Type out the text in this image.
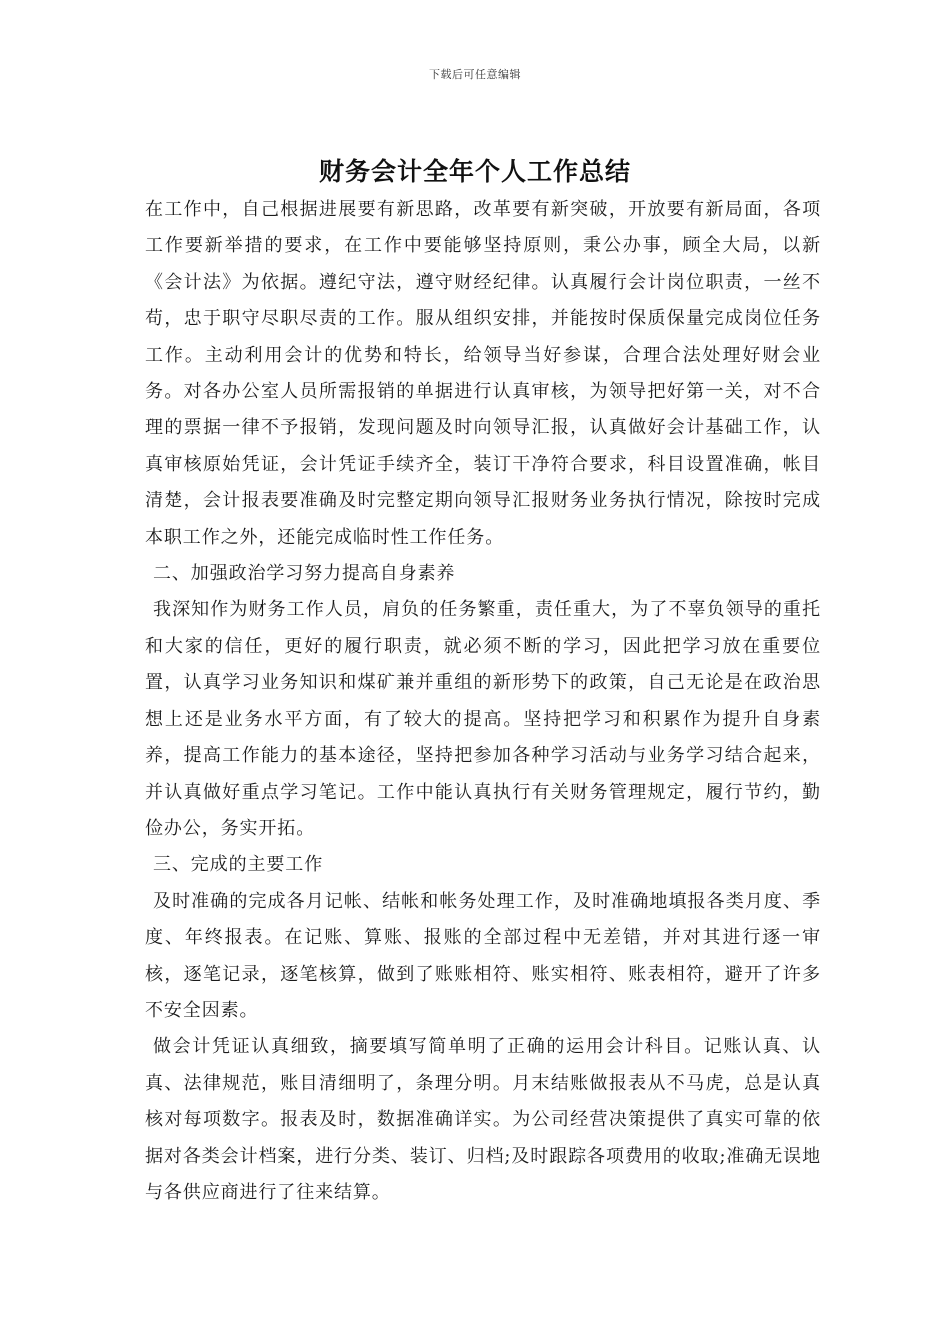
下载后可任意编辑
财务会计全年个人工作总结

在工作中，自己根据进展要有新思路，改革要有新突破，开放要有新局面，各项工作要新举措的要求，在工作中要能够坚持原则，秉公办事，顾全大局，以新《会计法》为依据。遵纪守法，遵守财经纪律。认真履行会计岗位职责，一丝不苟，忠于职守尽职尽责的工作。服从组织安排，并能按时保质保量完成岗位任务工作。主动利用会计的优势和特长，给领导当好参谋，合理合法处理好财会业务。对各办公室人员所需报销的单据进行认真审核，为领导把好第一关，对不合理的票据一律不予报销，发现问题及时向领导汇报，认真做好会计基础工作，认真审核原始凭证，会计凭证手续齐全，装订干净符合要求，科目设置准确，帐目清楚，会计报表要准确及时完整定期向领导汇报财务业务执行情况，除按时完成本职工作之外，还能完成临时性工作任务。

二、加强政治学习努力提高自身素养

我深知作为财务工作人员，肩负的任务繁重，责任重大，为了不辜负领导的重托和大家的信任，更好的履行职责，就必须不断的学习，因此把学习放在重要位置，认真学习业务知识和煤矿兼并重组的新形势下的政策，自己无论是在政治思想上还是业务水平方面，有了较大的提高。坚持把学习和积累作为提升自身素养，提高工作能力的基本途径，坚持把参加各种学习活动与业务学习结合起来，并认真做好重点学习笔记。工作中能认真执行有关财务管理规定，履行节约，勤俭办公，务实开拓。

三、完成的主要工作

及时准确的完成各月记帐、结帐和帐务处理工作，及时准确地填报各类月度、季度、年终报表。在记账、算账、报账的全部过程中无差错，并对其进行逐一审核，逐笔记录，逐笔核算，做到了账账相符、账实相符、账表相符，避开了许多不安全因素。

做会计凭证认真细致，摘要填写简单明了正确的运用会计科目。记账认真、认真、法律规范，账目清细明了，条理分明。月末结账做报表从不马虎，总是认真核对每项数字。报表及时，数据准确详实。为公司经营决策提供了真实可靠的依据对各类会计档案，进行分类、装订、归档;及时跟踪各项费用的收取;准确无误地与各供应商进行了往来结算。
